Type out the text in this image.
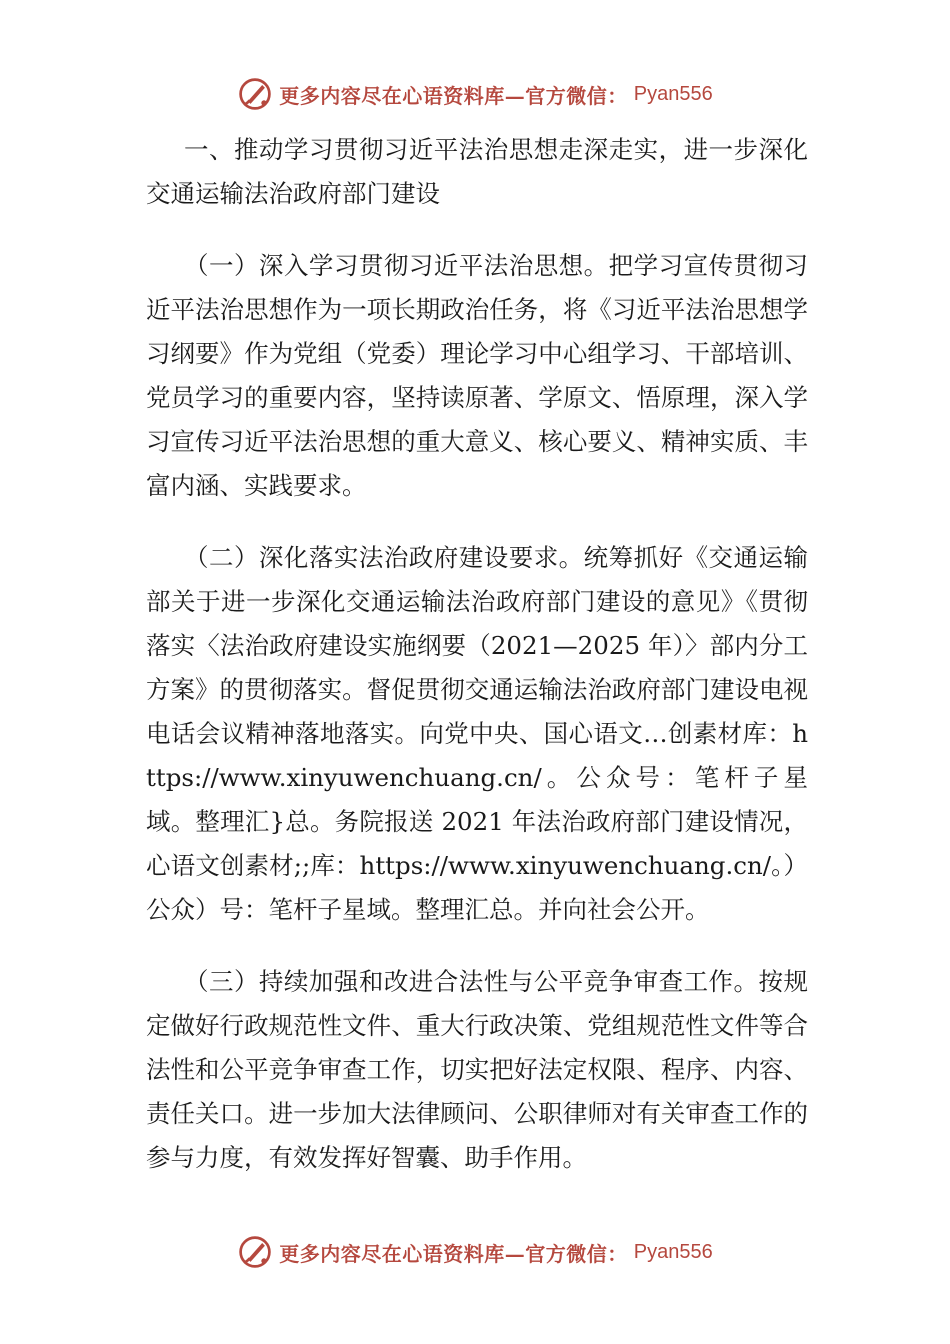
更多内容尽在心语资料库—官方微信： Pyan556

一、推动学习贯彻习近平法治思想走深走实，进一步深化交通运输法治政府部门建设

（一）深入学习贯彻习近平法治思想。把学习宣传贯彻习近平法治思想作为一项长期政治任务，将《习近平法治思想学习纲要》作为党组（党委）理论学习中心组学习、干部培训、党员学习的重要内容，坚持读原著、学原文、悟原理，深入学习宣传习近平法治思想的重大意义、核心要义、精神实质、丰富内涵、实践要求。

（二）深化落实法治政府建设要求。统筹抓好《交通运输部关于进一步深化交通运输法治政府部门建设的意见》《贯彻落实〈法治政府建设实施纲要（2021—2025 年）〉部内分工方案》的贯彻落实。督促贯彻交通运输法治政府部门建设电视电话会议精神落地落实。向党中央、国心语文…创素材库：https://www.xinyuwenchuang.cn/。公众号：笔杆子星域。整理汇}总。务院报送 2021 年法治政府部门建设情况，心语文创素材;;库：https://www.xinyuwenchuang.cn/。）公众）号：笔杆子星域。整理汇总。并向社会公开。

（三）持续加强和改进合法性与公平竞争审查工作。按规定做好行政规范性文件、重大行政决策、党组规范性文件等合法性和公平竞争审查工作，切实把好法定权限、程序、内容、责任关口。进一步加大法律顾问、公职律师对有关审查工作的参与力度，有效发挥好智囊、助手作用。

更多内容尽在心语资料库—官方微信： Pyan556
